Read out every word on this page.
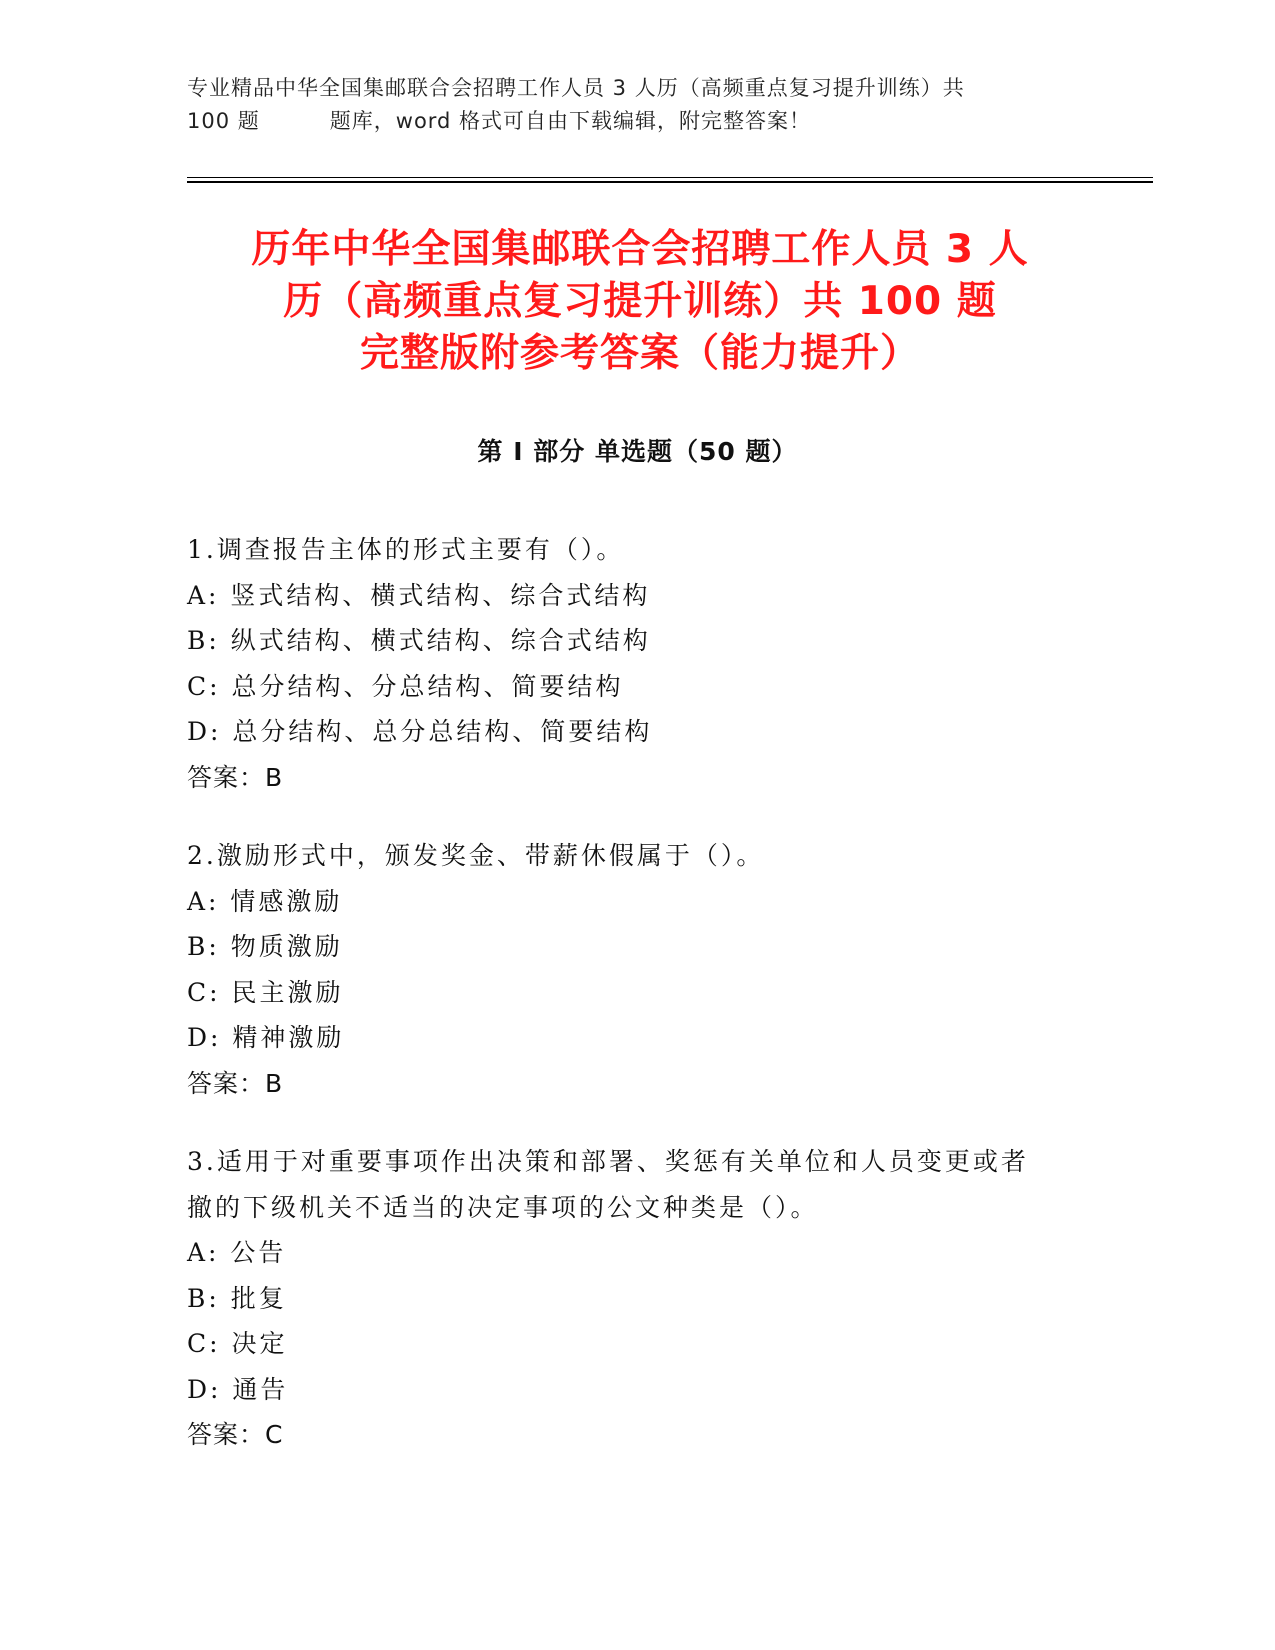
专业精品中华全国集邮联合会招聘工作人员 3 人历（高频重点复习提升训练）共
100 题	题库，word 格式可自由下载编辑，附完整答案！
历年中华全国集邮联合会招聘工作人员 3 人
历（高频重点复习提升训练）共 100 题
完整版附参考答案（能力提升）
第 I 部分 单选题（50 题）
1.调查报告主体的形式主要有（）。
A: 竖式结构、横式结构、综合式结构
B: 纵式结构、横式结构、综合式结构
C: 总分结构、分总结构、简要结构
D: 总分结构、总分总结构、简要结构
答案：B
2.激励形式中，颁发奖金、带薪休假属于（）。
A: 情感激励
B: 物质激励
C: 民主激励
D: 精神激励
答案：B
3.适用于对重要事项作出决策和部署、奖惩有关单位和人员变更或者
撤的下级机关不适当的决定事项的公文种类是（）。
A: 公告
B: 批复
C: 决定
D: 通告
答案：C
